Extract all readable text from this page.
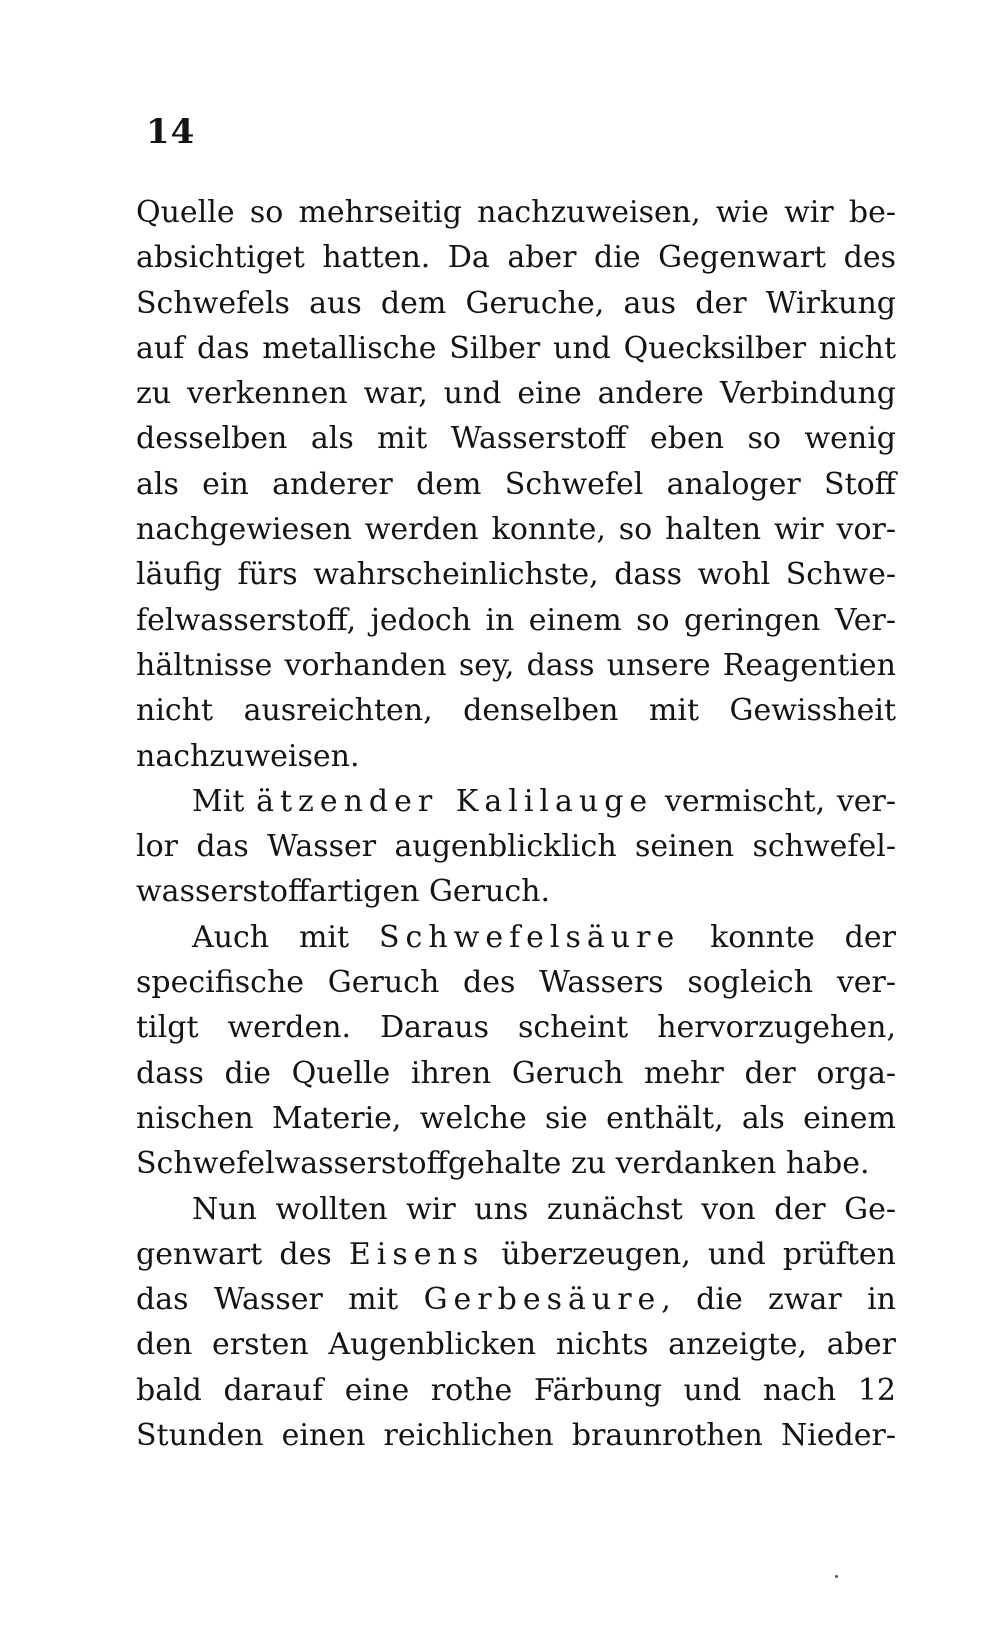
14
Quelle so mehrseitig nachzuweisen, wie wir be-
absichtiget hatten. Da aber die Gegenwart des
Schwefels aus dem Geruche, aus der Wirkung
auf das metallische Silber und Quecksilber nicht
zu verkennen war, und eine andere Verbindung
desselben als mit Wasserstoff eben so wenig
als ein anderer dem Schwefel analoger Stoff
nachgewiesen werden konnte, so halten wir vor-
läufig fürs wahrscheinlichste, dass wohl Schwe-
felwasserstoff, jedoch in einem so geringen Ver-
hältnisse vorhanden sey, dass unsere Reagentien
nicht ausreichten, denselben mit Gewissheit
nachzuweisen.
Mit ätzender Kalilauge vermischt, ver-
lor das Wasser augenblicklich seinen schwefel-
wasserstoffartigen Geruch.
Auch mit Schwefelsäure konnte der
specifische Geruch des Wassers sogleich ver-
tilgt werden. Daraus scheint hervorzugehen,
dass die Quelle ihren Geruch mehr der orga-
nischen Materie, welche sie enthält, als einem
Schwefelwasserstoffgehalte zu verdanken habe.
Nun wollten wir uns zunächst von der Ge-
genwart des Eisens überzeugen, und prüften
das Wasser mit Gerbesäure, die zwar in
den ersten Augenblicken nichts anzeigte, aber
bald darauf eine rothe Färbung und nach 12
Stunden einen reichlichen braunrothen Nieder-
